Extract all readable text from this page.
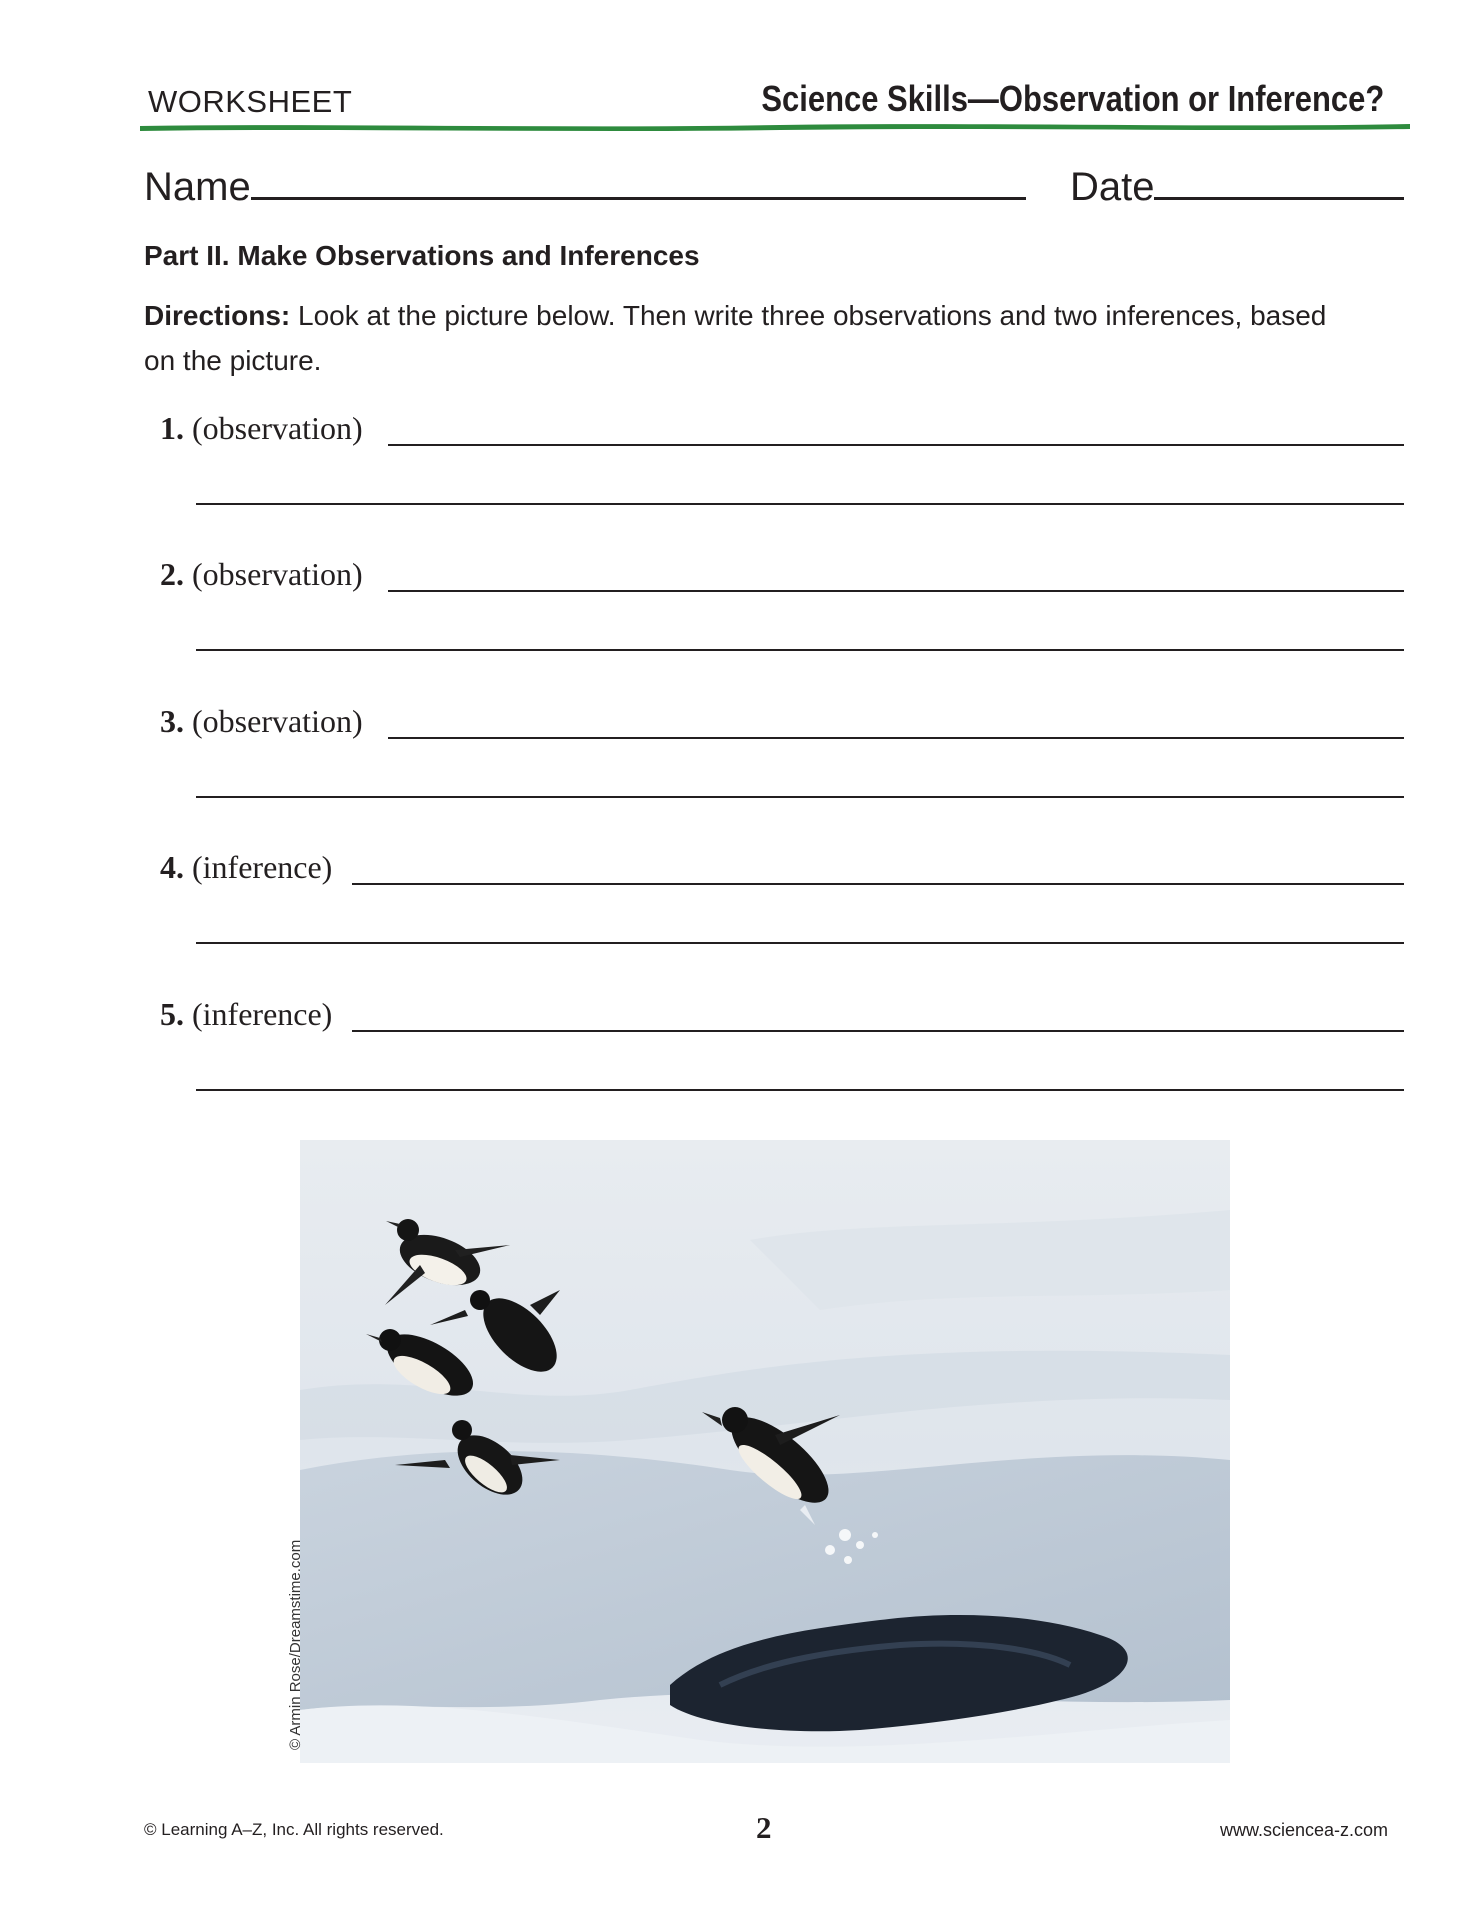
WORKSHEET	Science Skills—Observation or Inference?
Name	Date
Part II. Make Observations and Inferences
Directions: Look at the picture below. Then write three observations and two inferences, based on the picture.
1. (observation)
2. (observation)
3. (observation)
4. (inference)
5. (inference)
© Armin Rose/Dreamstime.com
© Learning A–Z, Inc. All rights reserved.	2	www.sciencea-z.com
